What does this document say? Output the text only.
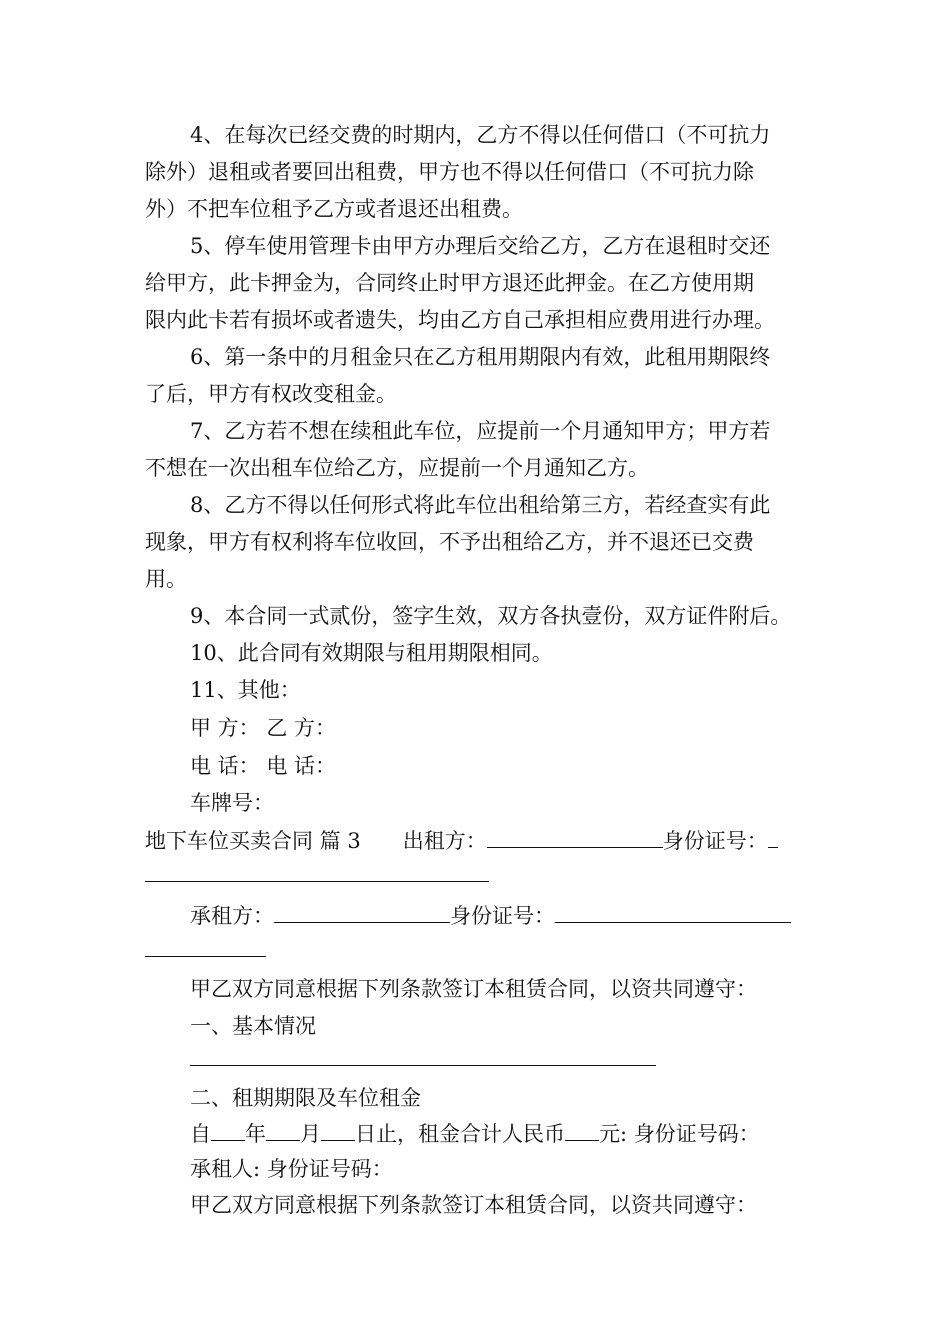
4、在每次已经交费的时期内，乙方不得以任何借口（不可抗力
除外）退租或者要回出租费，甲方也不得以任何借口（不可抗力除
外）不把车位租予乙方或者退还出租费。
5、停车使用管理卡由甲方办理后交给乙方，乙方在退租时交还
给甲方，此卡押金为，合同终止时甲方退还此押金。在乙方使用期
限内此卡若有损坏或者遗失，均由乙方自己承担相应费用进行办理。
6、第一条中的月租金只在乙方租用期限内有效，此租用期限终
了后，甲方有权改变租金。
7、乙方若不想在续租此车位，应提前一个月通知甲方；甲方若
不想在一次出租车位给乙方，应提前一个月通知乙方。
8、乙方不得以任何形式将此车位出租给第三方，若经查实有此
现象，甲方有权利将车位收回，不予出租给乙方，并不退还已交费
用。
9、本合同一式贰份，签字生效，双方各执壹份，双方证件附后。
10、此合同有效期限与租用期限相同。
11、其他：
甲 方： 乙 方：
电 话： 电 话：
车牌号：
地下车位买卖合同 篇 3 出租方：	身份证号：
承租方：	身份证号：
甲乙双方同意根据下列条款签订本租赁合同，以资共同遵守：
一、基本情况
二、租期期限及车位租金
自 年 月 日止，租金合计人民币 元: 身份证号码：
承租人: 身份证号码：
甲乙双方同意根据下列条款签订本租赁合同，以资共同遵守：
